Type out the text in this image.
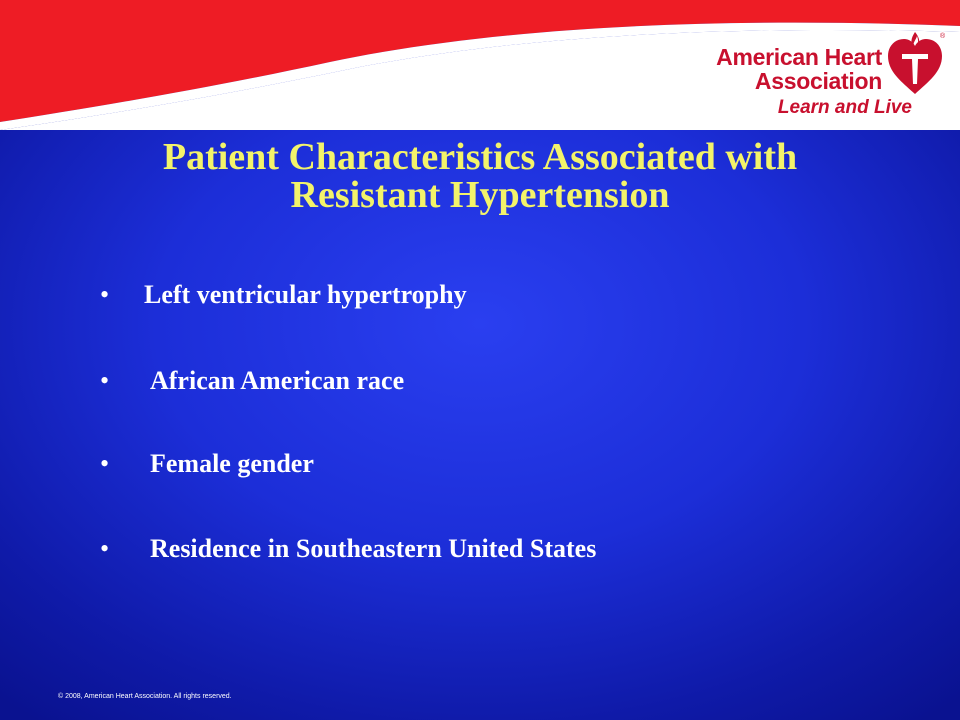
American Heart
Association
Learn and Live
®
Patient Characteristics Associated with
Resistant Hypertension
• Left ventricular hypertrophy
• African American race
• Female gender
• Residence in Southeastern United States
© 2008, American Heart Association. All rights reserved.
